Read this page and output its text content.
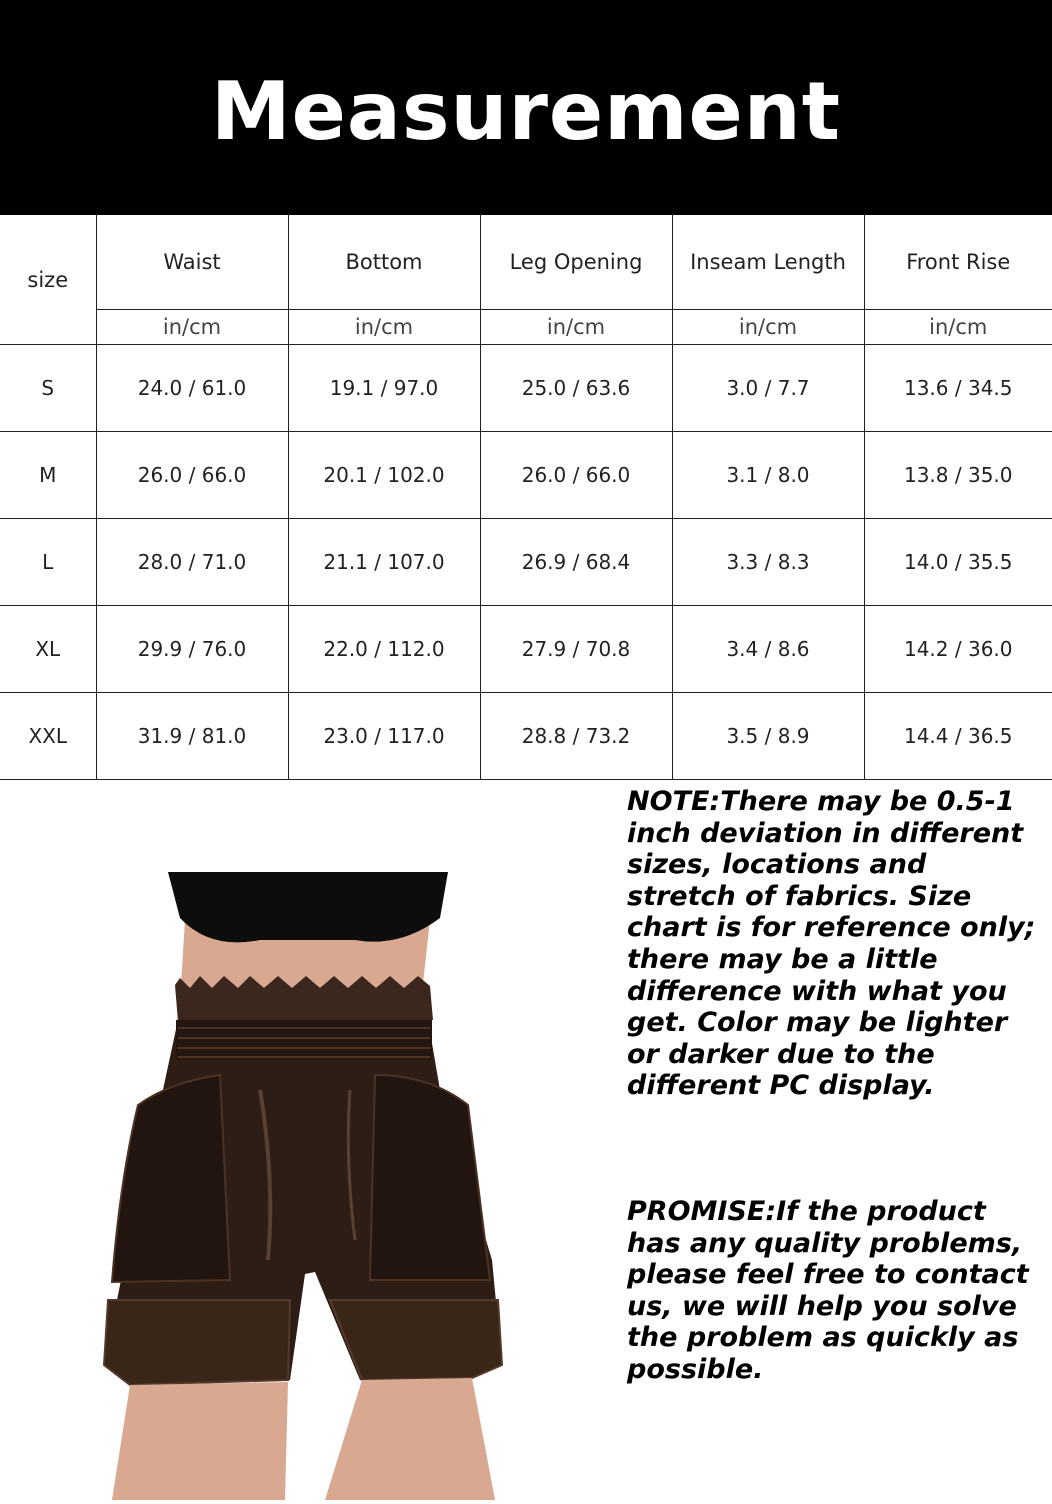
Measurement
size	Waist	Bottom	Leg Opening	Inseam Length	Front Rise
	in/cm	in/cm	in/cm	in/cm	in/cm
S	24.0 / 61.0	19.1 / 97.0	25.0 / 63.6	3.0 / 7.7	13.6 / 34.5
M	26.0 / 66.0	20.1 / 102.0	26.0 / 66.0	3.1 / 8.0	13.8 / 35.0
L	28.0 / 71.0	21.1 / 107.0	26.9 / 68.4	3.3 / 8.3	14.0 / 35.5
XL	29.9 / 76.0	22.0 / 112.0	27.9 / 70.8	3.4 / 8.6	14.2 / 36.0
XXL	31.9 / 81.0	23.0 / 117.0	28.8 / 73.2	3.5 / 8.9	14.4 / 36.5

NOTE:There may be 0.5-1 inch deviation in different sizes, locations and stretch of fabrics. Size chart is for reference only; there may be a little difference with what you get. Color may be lighter or darker due to the different PC display.

PROMISE:If the product has any quality problems, please feel free to contact us, we will help you solve the problem as quickly as possible.
